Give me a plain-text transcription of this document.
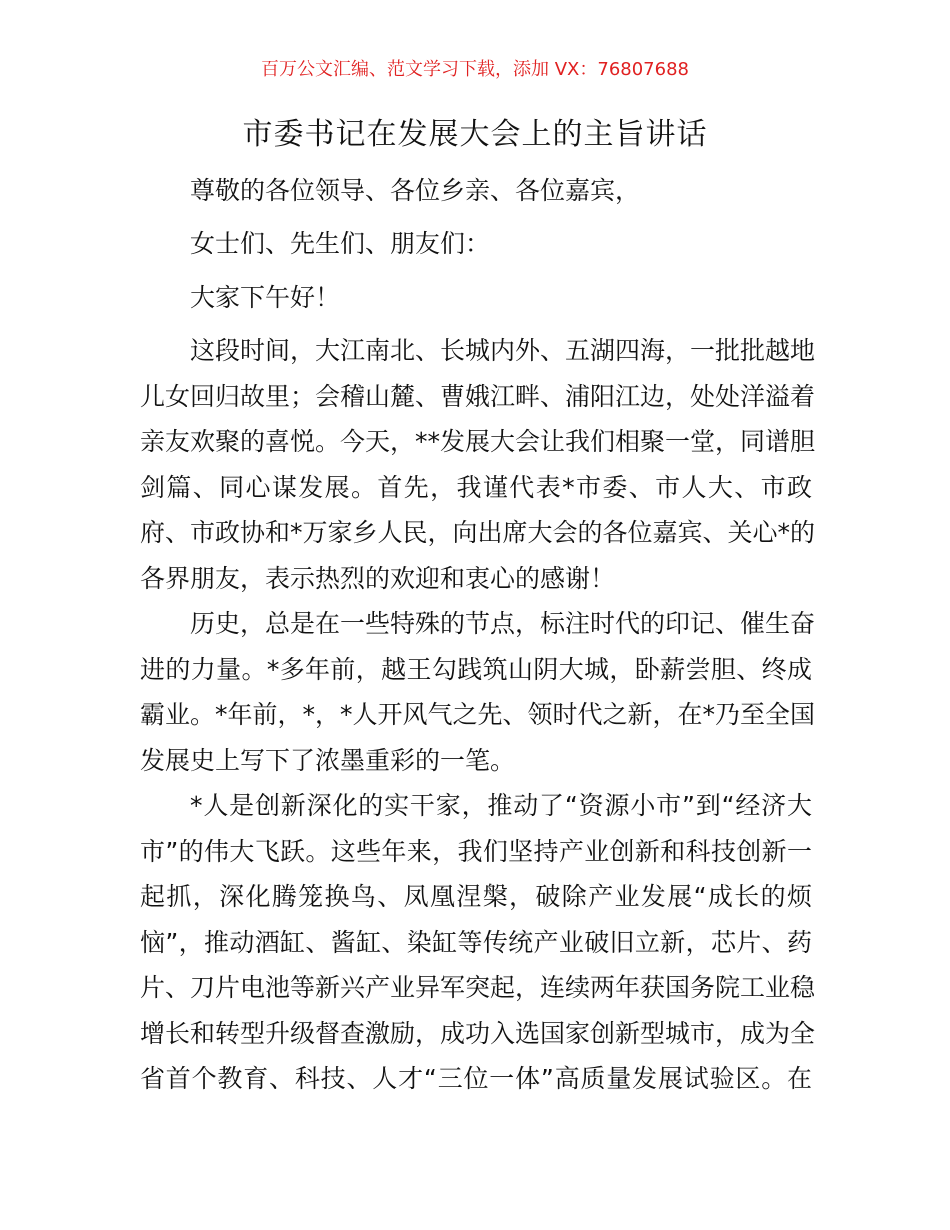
百万公文汇编、范文学习下载，添加 VX：76807688
市委书记在发展大会上的主旨讲话
尊敬的各位领导、各位乡亲、各位嘉宾，
女士们、先生们、朋友们：
大家下午好！
这段时间，大江南北、长城内外、五湖四海，一批批越地
儿女回归故里；会稽山麓、曹娥江畔、浦阳江边，处处洋溢着
亲友欢聚的喜悦。今天，**发展大会让我们相聚一堂，同谱胆
剑篇、同心谋发展。首先，我谨代表*市委、市人大、市政
府、市政协和*万家乡人民，向出席大会的各位嘉宾、关心*的
各界朋友，表示热烈的欢迎和衷心的感谢！
历史，总是在一些特殊的节点，标注时代的印记、催生奋
进的力量。*多年前，越王勾践筑山阴大城，卧薪尝胆、终成
霸业。*年前，*，*人开风气之先、领时代之新，在*乃至全国
发展史上写下了浓墨重彩的一笔。
*人是创新深化的实干家，推动了“资源小市”到“经济大
市”的伟大飞跃。这些年来，我们坚持产业创新和科技创新一
起抓，深化腾笼换鸟、凤凰涅槃，破除产业发展“成长的烦
恼”，推动酒缸、酱缸、染缸等传统产业破旧立新，芯片、药
片、刀片电池等新兴产业异军突起，连续两年获国务院工业稳
增长和转型升级督查激励，成功入选国家创新型城市，成为全
省首个教育、科技、人才“三位一体”高质量发展试验区。在
